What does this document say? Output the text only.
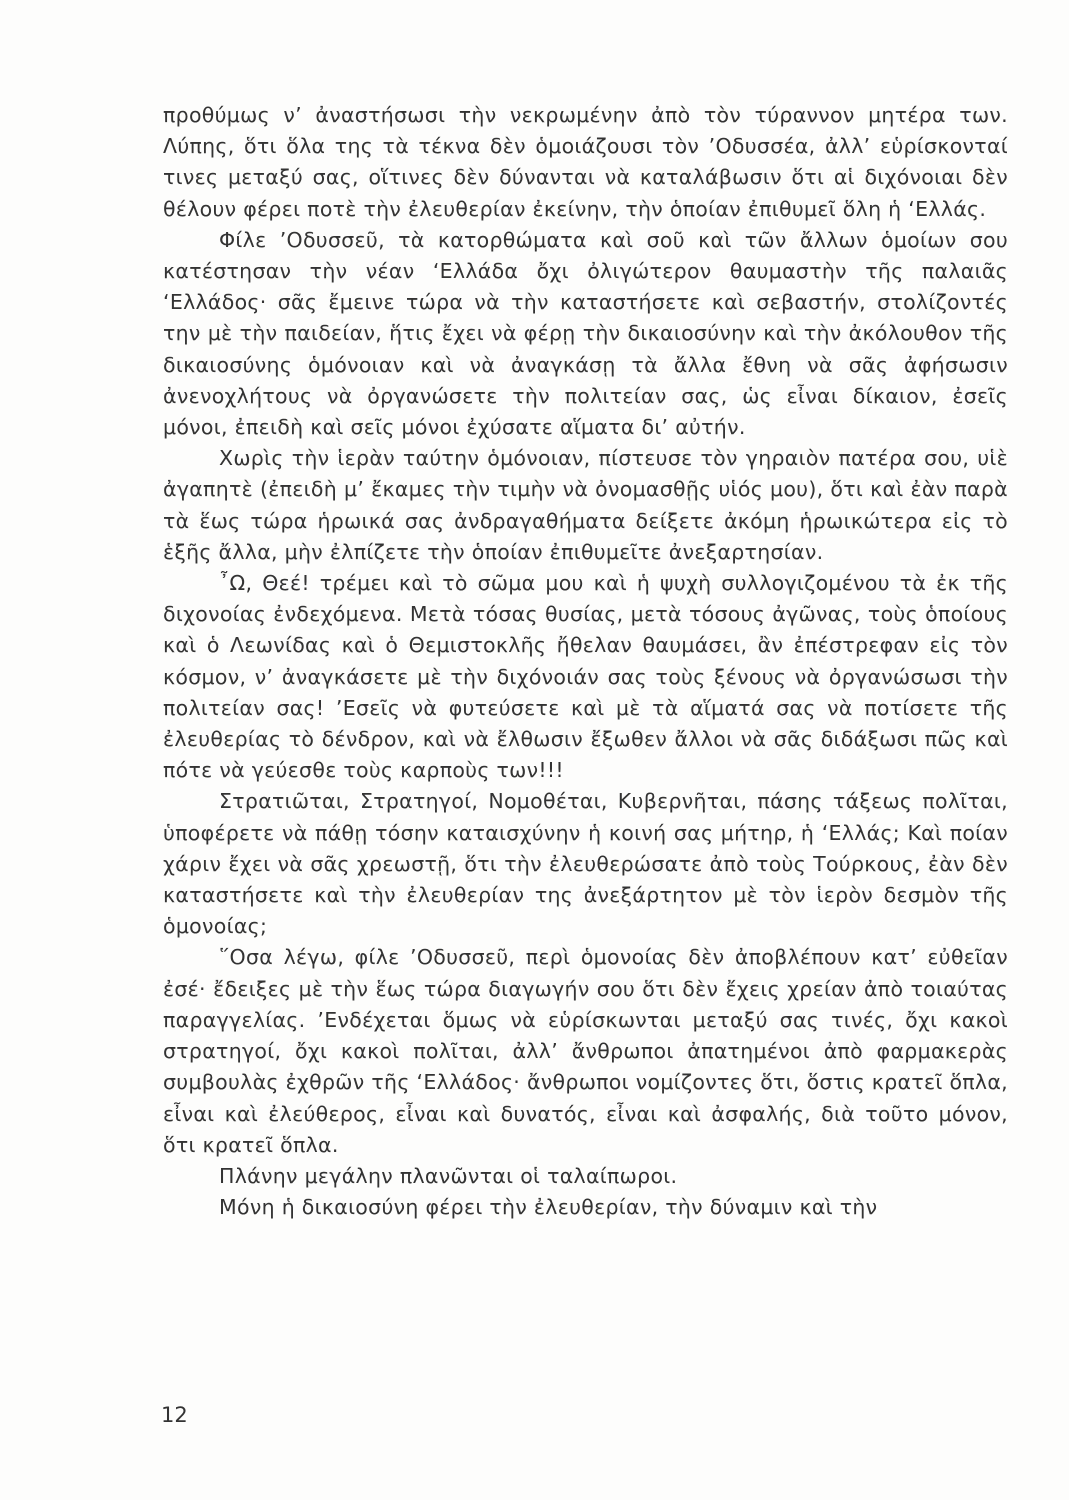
προθύμως ν’ ἀναστήσωσι τὴν νεκρωμένην ἀπὸ τὸν τύραννον μητέρα των. Λύπης, ὅτι ὅλα της τὰ τέκνα δὲν ὁμοιάζουσι τὸν ’Οδυσσέα, ἀλλ’ εὑρίσκονταί τινες μεταξύ σας, οἵτινες δὲν δύνανται νὰ καταλάβωσιν ὅτι αἱ διχόνοιαι δὲν θέλουν φέρει ποτὲ τὴν ἐλευθερίαν ἐκείνην, τὴν ὁποίαν ἐπιθυμεῖ ὅλη ἡ ‘Ελλάς.

Φίλε ’Οδυσσεῦ, τὰ κατορθώματα καὶ σοῦ καὶ τῶν ἄλλων ὁμοίων σου κατέστησαν τὴν νέαν ‘Ελλάδα ὄχι ὀλιγώτερον θαυμαστὴν τῆς παλαιᾶς ‘Ελλάδος· σᾶς ἔμεινε τώρα νὰ τὴν καταστήσετε καὶ σεβαστήν, στολίζοντές την μὲ τὴν παιδείαν, ἥτις ἔχει νὰ φέρῃ τὴν δικαιοσύνην καὶ τὴν ἀκόλουθον τῆς δικαιοσύνης ὁμόνοιαν καὶ νὰ ἀναγκάσῃ τὰ ἄλλα ἔθνη νὰ σᾶς ἀφήσωσιν ἀνενοχλήτους νὰ ὀργανώσετε τὴν πολιτείαν σας, ὡς εἶναι δίκαιον, ἐσεῖς μόνοι, ἐπειδὴ καὶ σεῖς μόνοι ἐχύσατε αἵματα δι’ αὐτήν.

Χωρὶς τὴν ἱερὰν ταύτην ὁμόνοιαν, πίστευσε τὸν γηραιὸν πατέρα σου, υἱὲ ἀγαπητὲ (ἐπειδὴ μ’ ἔκαμες τὴν τιμὴν νὰ ὀνομασθῇς υἱός μου), ὅτι καὶ ἐὰν παρὰ τὰ ἕως τώρα ἡρωικά σας ἀνδραγαθήματα δείξετε ἀκόμη ἡρωικώτερα εἰς τὸ ἑξῆς ἄλλα, μὴν ἐλπίζετε τὴν ὁποίαν ἐπιθυμεῖτε ἀνεξαρτησίαν.

῏Ω, Θεέ! τρέμει καὶ τὸ σῶμα μου καὶ ἡ ψυχὴ συλλογιζομένου τὰ ἐκ τῆς διχονοίας ἐνδεχόμενα. Μετὰ τόσας θυσίας, μετὰ τόσους ἀγῶνας, τοὺς ὁποίους καὶ ὁ Λεωνίδας καὶ ὁ Θεμιστοκλῆς ἤθελαν θαυμάσει, ἂν ἐπέστρεφαν εἰς τὸν κόσμον, ν’ ἀναγκάσετε μὲ τὴν διχόνοιάν σας τοὺς ξένους νὰ ὀργανώσωσι τὴν πολιτείαν σας! ’Εσεῖς νὰ φυτεύσετε καὶ μὲ τὰ αἵματά σας νὰ ποτίσετε τῆς ἐλευθερίας τὸ δένδρον, καὶ νὰ ἔλθωσιν ἔξωθεν ἄλλοι νὰ σᾶς διδάξωσι πῶς καὶ πότε νὰ γεύεσθε τοὺς καρποὺς των!!!

Στρατιῶται, Στρατηγοί, Νομοθέται, Κυβερνῆται, πάσης τάξεως πολῖται, ὑποφέρετε νὰ πάθῃ τόσην καταισχύνην ἡ κοινή σας μήτηρ, ἡ ‘Ελλάς; Καὶ ποίαν χάριν ἔχει νὰ σᾶς χρεωστῇ, ὅτι τὴν ἐλευθερώσατε ἀπὸ τοὺς Τούρκους, ἐὰν δὲν καταστήσετε καὶ τὴν ἐλευθερίαν της ἀνεξάρτητον μὲ τὸν ἱερὸν δεσμὸν τῆς ὁμονοίας;

῞Οσα λέγω, φίλε ’Οδυσσεῦ, περὶ ὁμονοίας δὲν ἀποβλέπουν κατ’ εὐθεῖαν ἐσέ· ἔδειξες μὲ τὴν ἕως τώρα διαγωγήν σου ὅτι δὲν ἔχεις χρείαν ἀπὸ τοιαύτας παραγγελίας. ’Ενδέχεται ὅμως νὰ εὑρίσκωνται μεταξύ σας τινές, ὄχι κακοὶ στρατηγοί, ὄχι κακοὶ πολῖται, ἀλλ’ ἄνθρωποι ἀπατημένοι ἀπὸ φαρμακερὰς συμβουλὰς ἐχθρῶν τῆς ‘Ελλάδος· ἄνθρωποι νομίζοντες ὅτι, ὅστις κρατεῖ ὅπλα, εἶναι καὶ ἐλεύθερος, εἶναι καὶ δυνατός, εἶναι καὶ ἀσφαλής, διὰ τοῦτο μόνον, ὅτι κρατεῖ ὅπλα.

Πλάνην μεγάλην πλανῶνται οἱ ταλαίπωροι.

Μόνη ἡ δικαιοσύνη φέρει τὴν ἐλευθερίαν, τὴν δύναμιν καὶ τὴν

12
